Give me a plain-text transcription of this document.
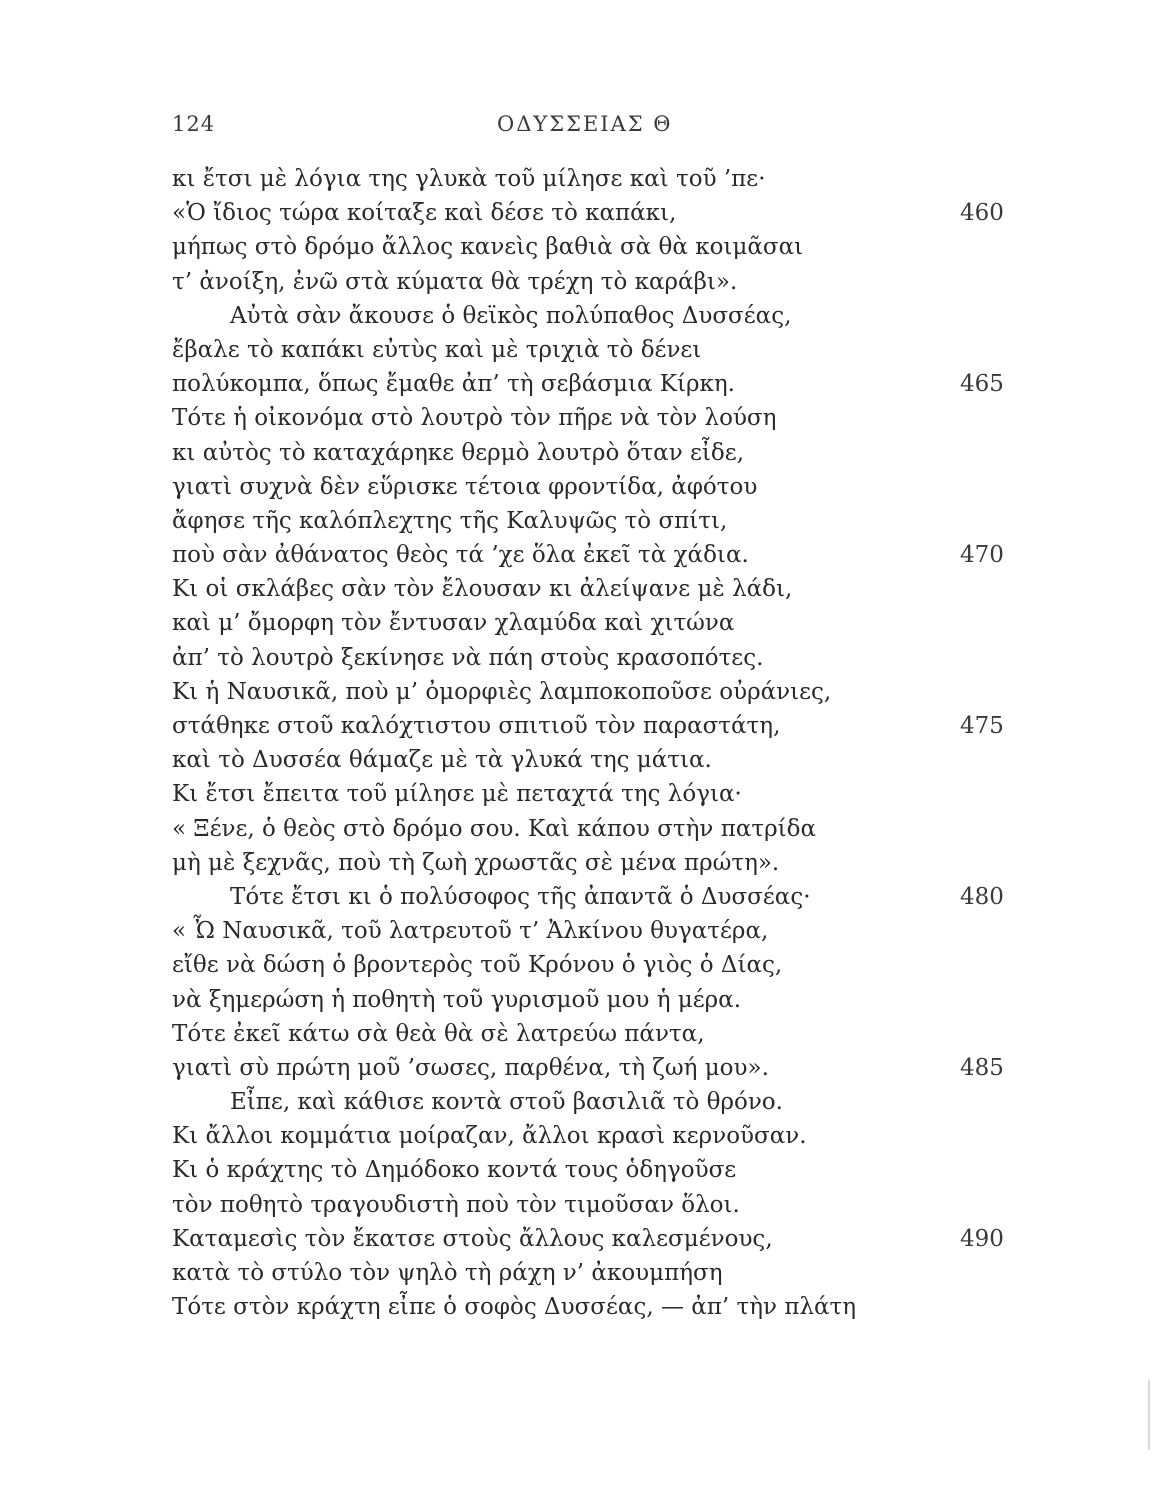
124	ΟΔΥΣΣΕΙΑΣ Θ
κι ἔτσι μὲ λόγια της γλυκὰ τοῦ μίλησε καὶ τοῦ ’πε·
«Ὁ ἴδιος τώρα κοίταξε καὶ δέσε τὸ καπάκι,	460
μήπως στὸ δρόμο ἄλλος κανεὶς βαθιὰ σὰ θὰ κοιμᾶσαι
τ’ ἀνοίξη, ἐνῶ στὰ κύματα θὰ τρέχη τὸ καράβι».
Αὐτὰ σὰν ἄκουσε ὁ θεϊκὸς πολύπαθος Δυσσέας,
ἔβαλε τὸ καπάκι εὐτὺς καὶ μὲ τριχιὰ τὸ δένει
πολύκομπα, ὅπως ἔμαθε ἀπ’ τὴ σεβάσμια Κίρκη.	465
Τότε ἡ οἰκονόμα στὸ λουτρὸ τὸν πῆρε νὰ τὸν λούση
κι αὐτὸς τὸ καταχάρηκε θερμὸ λουτρὸ ὅταν εἶδε,
γιατὶ συχνὰ δὲν εὕρισκε τέτοια φροντίδα, ἀφότου
ἄφησε τῆς καλόπλεχτης τῆς Καλυψῶς τὸ σπίτι,
ποὺ σὰν ἀθάνατος θεὸς τά ’χε ὅλα ἐκεῖ τὰ χάδια.	470
Κι οἱ σκλάβες σὰν τὸν ἔλουσαν κι ἀλείψανε μὲ λάδι,
καὶ μ’ ὄμορφη τὸν ἔντυσαν χλαμύδα καὶ χιτώνα
ἀπ’ τὸ λουτρὸ ξεκίνησε νὰ πάη στοὺς κρασοπότες.
Κι ἡ Ναυσικᾶ, ποὺ μ’ ὀμορφιὲς λαμποκοποῦσε οὐράνιες,
στάθηκε στοῦ καλόχτιστου σπιτιοῦ τὸν παραστάτη,	475
καὶ τὸ Δυσσέα θάμαζε μὲ τὰ γλυκά της μάτια.
Κι ἔτσι ἔπειτα τοῦ μίλησε μὲ πεταχτά της λόγια·
« Ξένε, ὁ θεὸς στὸ δρόμο σου. Καὶ κάπου στὴν πατρίδα
μὴ μὲ ξεχνᾶς, ποὺ τὴ ζωὴ χρωστᾶς σὲ μένα πρώτη».
Τότε ἔτσι κι ὁ πολύσοφος τῆς ἀπαντᾶ ὁ Δυσσέας·	480
« Ὦ Ναυσικᾶ, τοῦ λατρευτοῦ τ’ Ἀλκίνου θυγατέρα,
εἴθε νὰ δώση ὁ βροντερὸς τοῦ Κρόνου ὁ γιὸς ὁ Δίας,
νὰ ξημερώση ἡ ποθητὴ τοῦ γυρισμοῦ μου ἡ μέρα.
Τότε ἐκεῖ κάτω σὰ θεὰ θὰ σὲ λατρεύω πάντα,
γιατὶ σὺ πρώτη μοῦ ’σωσες, παρθένα, τὴ ζωή μου».	485
Εἶπε, καὶ κάθισε κοντὰ στοῦ βασιλιᾶ τὸ θρόνο.
Κι ἄλλοι κομμάτια μοίραζαν, ἄλλοι κρασὶ κερνοῦσαν.
Κι ὁ κράχτης τὸ Δημόδοκο κοντά τους ὁδηγοῦσε
τὸν ποθητὸ τραγουδιστὴ ποὺ τὸν τιμοῦσαν ὅλοι.
Καταμεσὶς τὸν ἔκατσε στοὺς ἄλλους καλεσμένους,	490
κατὰ τὸ στύλο τὸν ψηλὸ τὴ ράχη ν’ ἀκουμπήση
Τότε στὸν κράχτη εἶπε ὁ σοφὸς Δυσσέας, — ἀπ’ τὴν πλάτη
